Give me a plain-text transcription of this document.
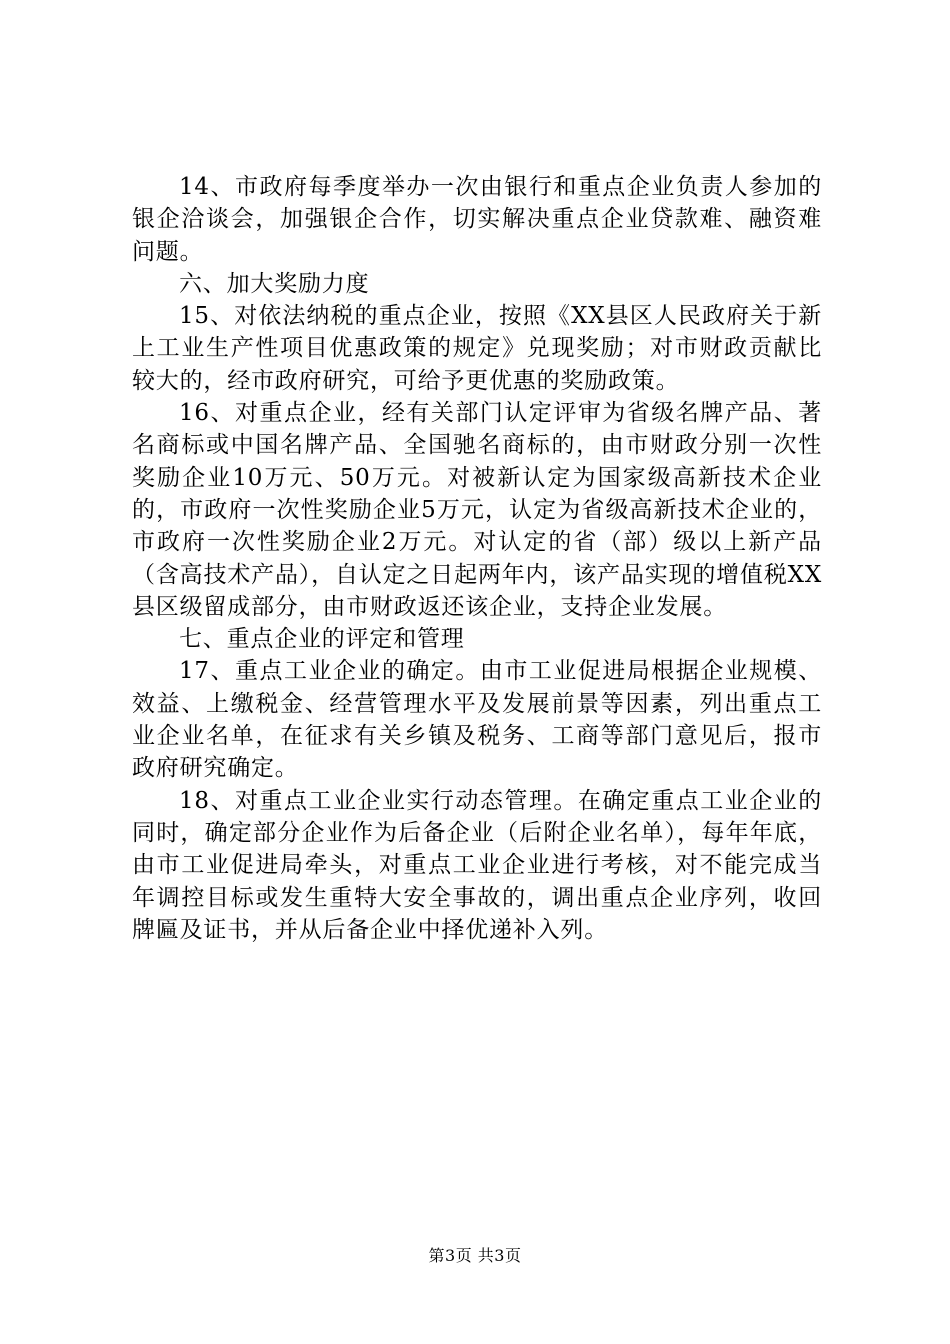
14、市政府每季度举办一次由银行和重点企业负责人参加的银企洽谈会，加强银企合作，切实解决重点企业贷款难、融资难问题。

六、加大奖励力度

15、对依法纳税的重点企业，按照《XX县区人民政府关于新上工业生产性项目优惠政策的规定》兑现奖励；对市财政贡献比较大的，经市政府研究，可给予更优惠的奖励政策。

16、对重点企业，经有关部门认定评审为省级名牌产品、著名商标或中国名牌产品、全国驰名商标的，由市财政分别一次性奖励企业10万元、50万元。对被新认定为国家级高新技术企业的，市政府一次性奖励企业5万元，认定为省级高新技术企业的，市政府一次性奖励企业2万元。对认定的省（部）级以上新产品（含高技术产品），自认定之日起两年内，该产品实现的增值税XX县区级留成部分，由市财政返还该企业，支持企业发展。

七、重点企业的评定和管理

17、重点工业企业的确定。由市工业促进局根据企业规模、效益、上缴税金、经营管理水平及发展前景等因素，列出重点工业企业名单，在征求有关乡镇及税务、工商等部门意见后，报市政府研究确定。

18、对重点工业企业实行动态管理。在确定重点工业企业的同时，确定部分企业作为后备企业（后附企业名单），每年年底，由市工业促进局牵头，对重点工业企业进行考核，对不能完成当年调控目标或发生重特大安全事故的，调出重点企业序列，收回牌匾及证书，并从后备企业中择优递补入列。

第3页 共3页
